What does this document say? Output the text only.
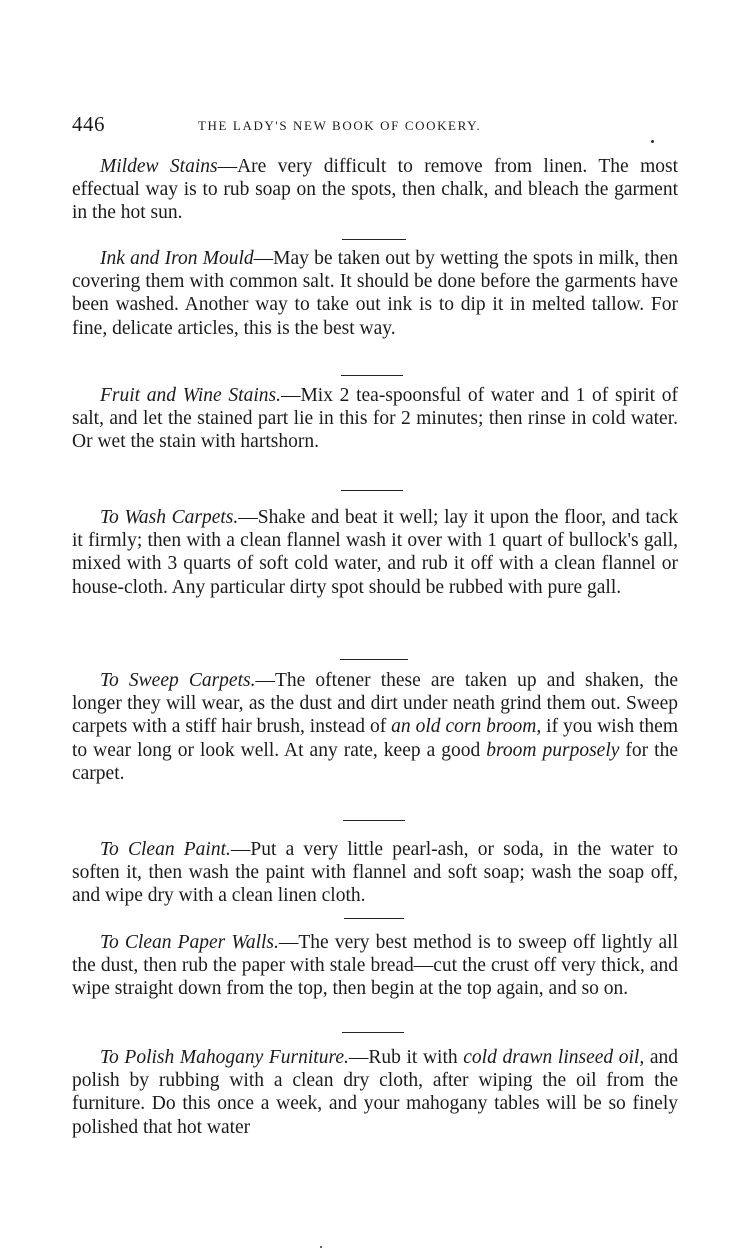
446	THE LADY'S NEW BOOK OF COOKERY.
Mildew Stains—Are very difficult to remove from linen. The most effectual way is to rub soap on the spots, then chalk, and bleach the garment in the hot sun.
Ink and Iron Mould—May be taken out by wetting the spots in milk, then covering them with common salt. It should be done before the garments have been washed. Another way to take out ink is to dip it in melted tallow. For fine, delicate articles, this is the best way.
Fruit and Wine Stains.—Mix 2 tea-spoonsful of water and 1 of spirit of salt, and let the stained part lie in this for 2 minutes; then rinse in cold water. Or wet the stain with hartshorn.
To Wash Carpets.—Shake and beat it well; lay it upon the floor, and tack it firmly; then with a clean flannel wash it over with 1 quart of bullock's gall, mixed with 3 quarts of soft cold water, and rub it off with a clean flannel or house-cloth. Any particular dirty spot should be rubbed with pure gall.
To Sweep Carpets.—The oftener these are taken up and shaken, the longer they will wear, as the dust and dirt under neath grind them out. Sweep carpets with a stiff hair brush, instead of an old corn broom, if you wish them to wear long or look well. At any rate, keep a good broom purposely for the carpet.
To Clean Paint.—Put a very little pearl-ash, or soda, in the water to soften it, then wash the paint with flannel and soft soap; wash the soap off, and wipe dry with a clean linen cloth.
To Clean Paper Walls.—The very best method is to sweep off lightly all the dust, then rub the paper with stale bread—cut the crust off very thick, and wipe straight down from the top, then begin at the top again, and so on.
To Polish Mahogany Furniture.—Rub it with cold drawn linseed oil, and polish by rubbing with a clean dry cloth, after wiping the oil from the furniture. Do this once a week, and your mahogany tables will be so finely polished that hot water
